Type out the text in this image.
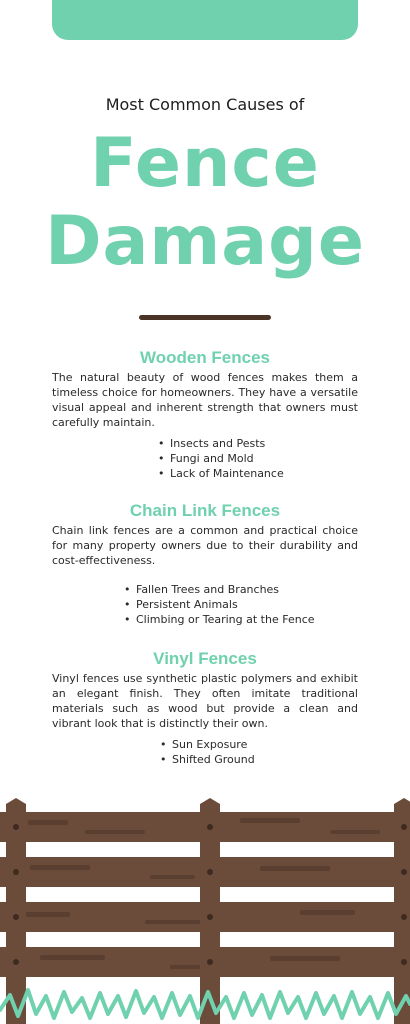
Most Common Causes of
Fence
Damage
Wooden Fences

The natural beauty of wood fences makes them a timeless choice for homeowners. They have a versatile visual appeal and inherent strength that owners must carefully maintain.

• Insects and Pests
• Fungi and Mold
• Lack of Maintenance
Chain Link Fences

Chain link fences are a common and practical choice for many property owners due to their durability and cost-effectiveness.

• Fallen Trees and Branches
• Persistent Animals
• Climbing or Tearing at the Fence
Vinyl Fences

Vinyl fences use synthetic plastic polymers and exhibit an elegant finish. They often imitate traditional materials such as wood but provide a clean and vibrant look that is distinctly their own.

• Sun Exposure
• Shifted Ground
